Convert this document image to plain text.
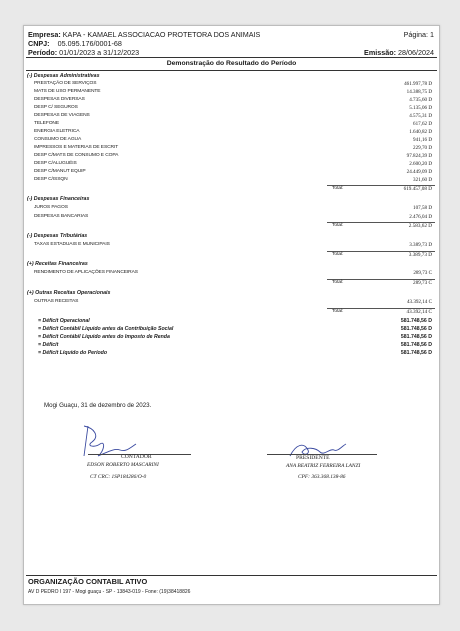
Empresa: KAPA - KAMAEL ASSOCIACAO PROTETORA DOS ANIMAIS	Página: 1
CNPJ: 05.095.176/0001-68
Período: 01/01/2023 a 31/12/2023	Emissão: 28/06/2024
Demonstração do Resultado do Período
(-) Despesas Administrativas
PRESTAÇÃO DE SERVIÇOS	461.997,78 D
MATS DE USO PERMANENTE	14.388,75 D
DESPESAS DIVERSAS	4.735,60 D
DESP C/ SEGUROS	5.135,06 D
DESPESAS DE VIAGENS	4.575,31 D
TELEFONE	617,62 D
ENERGIA ELETRICA	1.640,82 D
CONSUMO DE AGUA	941,16 D
IMPRESSOS E MATERIAS DE ESCRIT	229,70 D
DESP C/MATS DE CONSUMO E COPA	97.824,39 D
DESP C/ALUGUÉIS	2.600,20 D
DESP C/MANUT EQUIP	24.449,09 D
DESP C/ISSQN	321,60 D
Total:	619.457,08 D
(-) Despesas Financeiras
JUROS PAGOS	107,58 D
DESPESAS BANCARIAS	2.476,04 D
Total:	2.583,62 D
(-) Despesas Tributárias
TAXAS ESTADUAIS E MUNICIPAIS	3.389,73 D
Total:	3.389,73 D
(+) Receitas Financeiras
RENDIMENTO DE APLICAÇÕES FINANCEIRAS	289,73 C
Total:	289,73 C
(+) Outras Receitas Operacionais
OUTRAS RECEITAS	43.392,14 C
Total:	43.392,14 C
= Déficit Operacional	581.748,56 D
= Déficit Contábil Líquido antes da Contribuição Social	581.748,56 D
= Déficit Contábil Líquido antes do Imposto de Renda	581.748,56 D
= Déficit	581.748,56 D
= Déficit Líquido do Período	581.748,56 D
Mogi Guaçu, 31 de dezembro de 2023.
CONTADOR
EDSON ROBERTO MASCARINI
CT CRC: 1SP184286/O-0
PRESIDENTE
ANA BEATRIZ FERREIRA LANZI
CPF: 363.368.138-86
ORGANIZAÇÃO CONTABIL ATIVO
AV D PEDRO I 197 - Mogi guaçu - SP - 13843-019 - Fone: (19)38418826
